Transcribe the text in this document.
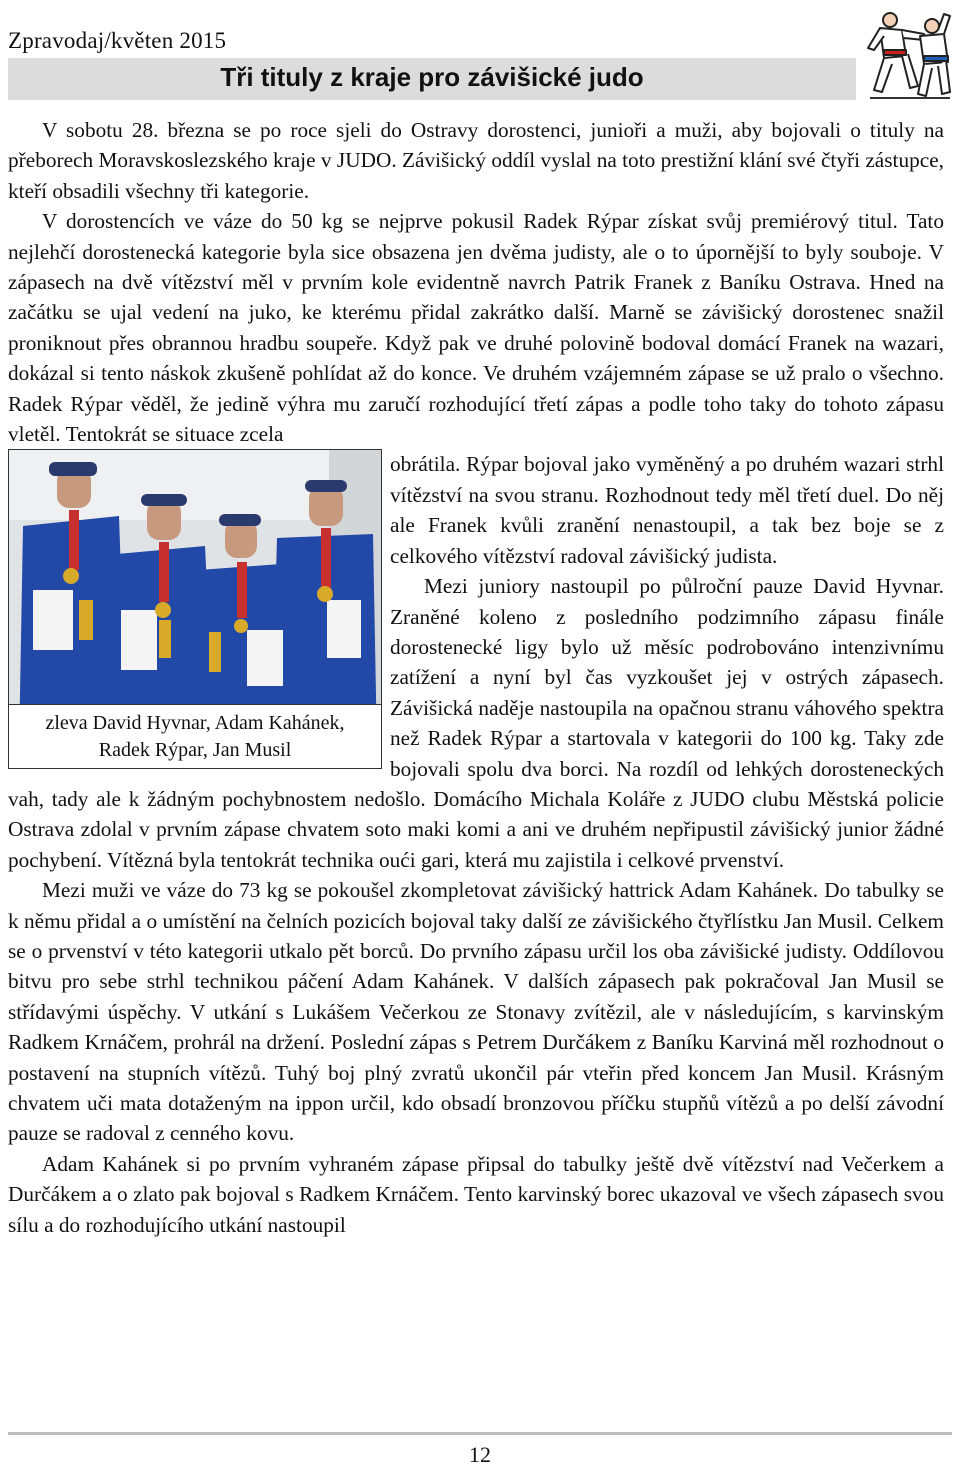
Zpravodaj/květen 2015
Tři tituly z kraje pro závišické judo

V sobotu 28. března se po roce sjeli do Ostravy dorostenci, junioři a muži, aby bojovali o tituly na přeborech Moravskoslezského kraje v JUDO. Závišický oddíl vyslal na toto prestižní klání své čtyři zástupce, kteří obsadili všechny tři kategorie.

V dorostencích ve váze do 50 kg se nejprve pokusil Radek Rýpar získat svůj premiérový titul. Tato nejlehčí dorostenecká kategorie byla sice obsazena jen dvěma judisty, ale o to úpornější to byly souboje. V zápasech na dvě vítězství měl v prvním kole evidentně navrch Patrik Franek z Baníku Ostrava. Hned na začátku se ujal vedení na juko, ke kterému přidal zakrátko další. Marně se závišický dorostenec snažil proniknout přes obrannou hradbu soupeře. Když pak ve druhé polovině bodoval domácí Franek na wazari, dokázal si tento náskok zkušeně pohlídat až do konce. Ve druhém vzájemném zápase se už pralo o všechno. Radek Rýpar věděl, že jedině výhra mu zaručí rozhodující třetí zápas a podle toho taky do tohoto zápasu vletěl. Tentokrát se situace zcela

zleva David Hyvnar, Adam Kahánek,
Radek Rýpar, Jan Musil

obrátila. Rýpar bojoval jako vyměněný a po druhém wazari strhl vítězství na svou stranu. Rozhodnout tedy měl třetí duel. Do něj ale Franek kvůli zranění nenastoupil, a tak bez boje se z celkového vítězství radoval závišický judista.

Mezi juniory nastoupil po půlroční pauze David Hyvnar. Zraněné koleno z posledního podzimního zápasu finále dorostenecké ligy bylo už měsíc podrobováno intenzivnímu zatížení a nyní byl čas vyzkoušet jej v ostrých zápasech. Závišická naděje nastoupila na opačnou stranu váhového spektra než Radek Rýpar a startovala v kategorii do 100 kg. Taky zde bojovali spolu dva borci. Na rozdíl od lehkých dorosteneckých vah, tady ale k žádným pochybnostem nedošlo. Domácího Michala Koláře z JUDO clubu Městská policie Ostrava zdolal v prvním zápase chvatem soto maki komi a ani ve druhém nepřipustil závišický junior žádné pochybení. Vítězná byla tentokrát technika oući gari, která mu zajistila i celkové prvenství.

Mezi muži ve váze do 73 kg se pokoušel zkompletovat závišický hattrick Adam Kahánek. Do tabulky se k němu přidal a o umístění na čelních pozicích bojoval taky další ze závišického čtyřlístku Jan Musil. Celkem se o prvenství v této kategorii utkalo pět borců. Do prvního zápasu určil los oba závišické judisty. Oddílovou bitvu pro sebe strhl technikou páčení Adam Kahánek. V dalších zápasech pak pokračoval Jan Musil se střídavými úspěchy. V utkání s Lukášem Večerkou ze Stonavy zvítězil, ale v následujícím, s karvinským Radkem Krnáčem, prohrál na držení. Poslední zápas s Petrem Durčákem z Baníku Karviná měl rozhodnout o postavení na stupních vítězů. Tuhý boj plný zvratů ukončil pár vteřin před koncem Jan Musil. Krásným chvatem uči mata dotaženým na ippon určil, kdo obsadí bronzovou příčku stupňů vítězů a po delší závodní pauze se radoval z cenného kovu.

Adam Kahánek si po prvním vyhraném zápase připsal do tabulky ještě dvě vítězství nad Večerkem a Durčákem a o zlato pak bojoval s Radkem Krnáčem. Tento karvinský borec ukazoval ve všech zápasech svou sílu a do rozhodujícího utkání nastoupil

12
